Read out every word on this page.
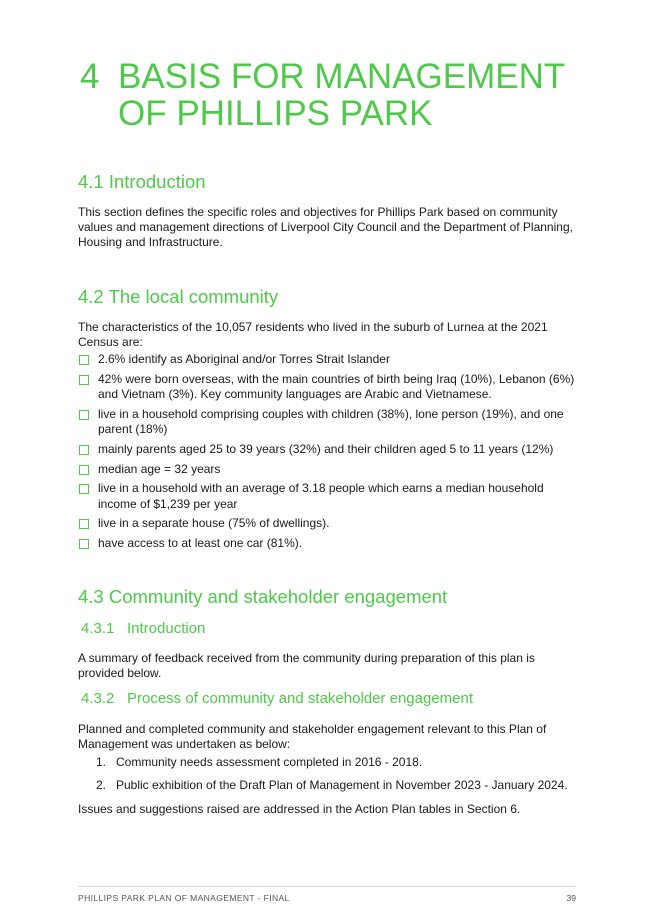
4 BASIS FOR MANAGEMENT
OF PHILLIPS PARK
4.1 Introduction

This section defines the specific roles and objectives for Phillips Park based on community values and management directions of Liverpool City Council and the Department of Planning, Housing and Infrastructure.

4.2 The local community

The characteristics of the 10,057 residents who lived in the suburb of Lurnea at the 2021 Census are:

2.6% identify as Aboriginal and/or Torres Strait Islander
42% were born overseas, with the main countries of birth being Iraq (10%), Lebanon (6%) and Vietnam (3%). Key community languages are Arabic and Vietnamese.
live in a household comprising couples with children (38%), lone person (19%), and one parent (18%)
mainly parents aged 25 to 39 years (32%) and their children aged 5 to 11 years (12%)
median age = 32 years
live in a household with an average of 3.18 people which earns a median household income of $1,239 per year
live in a separate house (75% of dwellings).
have access to at least one car (81%).
4.3 Community and stakeholder engagement
4.3.1 Introduction

A summary of feedback received from the community during preparation of this plan is provided below.

4.3.2 Process of community and stakeholder engagement

Planned and completed community and stakeholder engagement relevant to this Plan of Management was undertaken as below:

1. Community needs assessment completed in 2016 - 2018.
2. Public exhibition of the Draft Plan of Management in November 2023 - January 2024.

Issues and suggestions raised are addressed in the Action Plan tables in Section 6.

PHILLIPS PARK PLAN OF MANAGEMENT - FINAL	39
